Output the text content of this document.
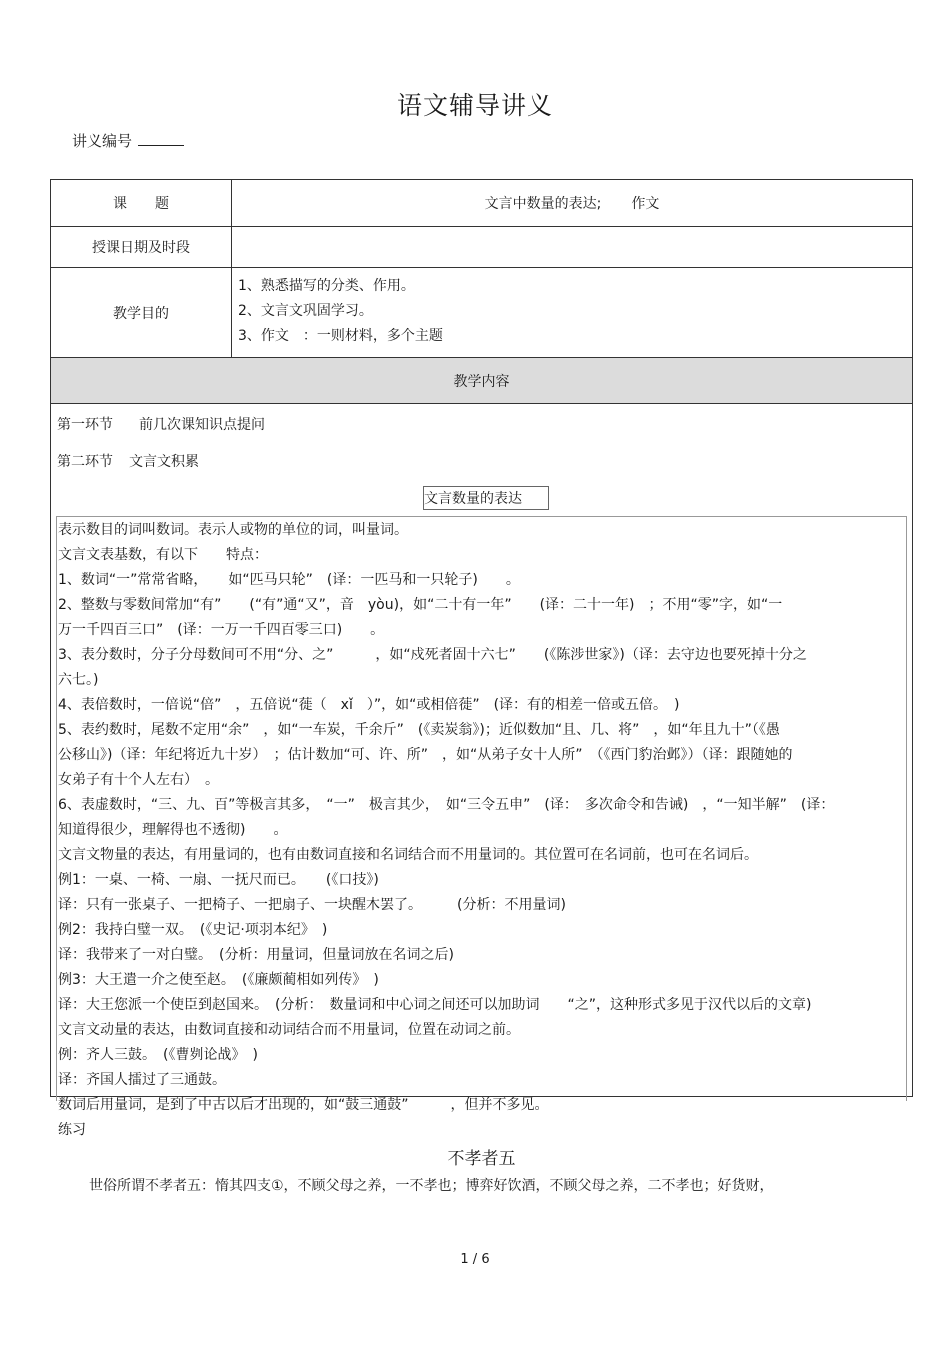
语文辅导讲义
讲义编号
课　　题	文言中数量的表达; 作文
授课日期及时段
教学目的
1、熟悉描写的分类、作用。
2、文言文巩固学习。
3、作文　：一则材料，多个主题
教学内容
第一环节 前几次课知识点提问
第二环节 文言文积累
文言数量的表达

表示数目的词叫数词。表示人或物的单位的词，叫量词。

文言文表基数，有以下　　特点：

1、数词“一”常常省略，　　如“匹马只轮”　(译：一匹马和一只轮子)　　。

2、整数与零数间常加“有”　　(“有”通“又”，音　yòu)，如“二十有一年”　　(译：二十一年)　；不用“零”字，如“一

万一千四百三口”　(译：一万一千四百零三口)　　。

3、表分数时，分子分母数间可不用“分、之”　　　，如“戍死者固十六七”　　(《陈涉世家》)（译：去守边也要死掉十分之

六七。)

4、表倍数时，一倍说“倍”　，五倍说“蓰（　xǐ　）”，如“或相倍蓰”　(译：有的相差一倍或五倍。　)

5、表约数时，尾数不定用“余”　，如“一车炭，千余斤”　(《卖炭翁》)；近似数加“且、几、将”　，如“年且九十”（《愚

公移山》)（译：年纪将近九十岁）　；估计数加“可、许、所”　，如“从弟子女十人所”　（《西门豹治邺》）（译：跟随她的

女弟子有十个人左右）　。

6、表虚数时，“三、九、百”等极言其多，　“一”　极言其少，　如“三令五申”　(译：　多次命令和告诫)　，“一知半解”　(译：

知道得很少，理解得也不透彻)　　。

文言文物量的表达，有用量词的，也有由数词直接和名词结合而不用量词的。其位置可在名词前，也可在名词后。

例1：一桌、一椅、一扇、一抚尺而已。　　(《口技》)

译：只有一张桌子、一把椅子、一把扇子、一块醒木罢了。　　　(分析：不用量词)

例2：我持白璧一双。　(《史记·项羽本纪》　)

译：我带来了一对白璧。　(分析：用量词，但量词放在名词之后)

例3：大王遣一介之使至赵。　(《廉颇蔺相如列传》　)

译：大王您派一个使臣到赵国来。　(分析：　数量词和中心词之间还可以加助词　　“之”，这种形式多见于汉代以后的文章)

文言文动量的表达，由数词直接和动词结合而不用量词，位置在动词之前。

例：齐人三鼓。　(《曹刿论战》　)

译：齐国人擂过了三通鼓。

数词后用量词，是到了中古以后才出现的，如“鼓三通鼓”　　　，但并不多见。

练习

不孝者五
世俗所谓不孝者五：惰其四支①，不顾父母之养，一不孝也；博弈好饮酒，不顾父母之养，二不孝也；好货财，
1 / 6
